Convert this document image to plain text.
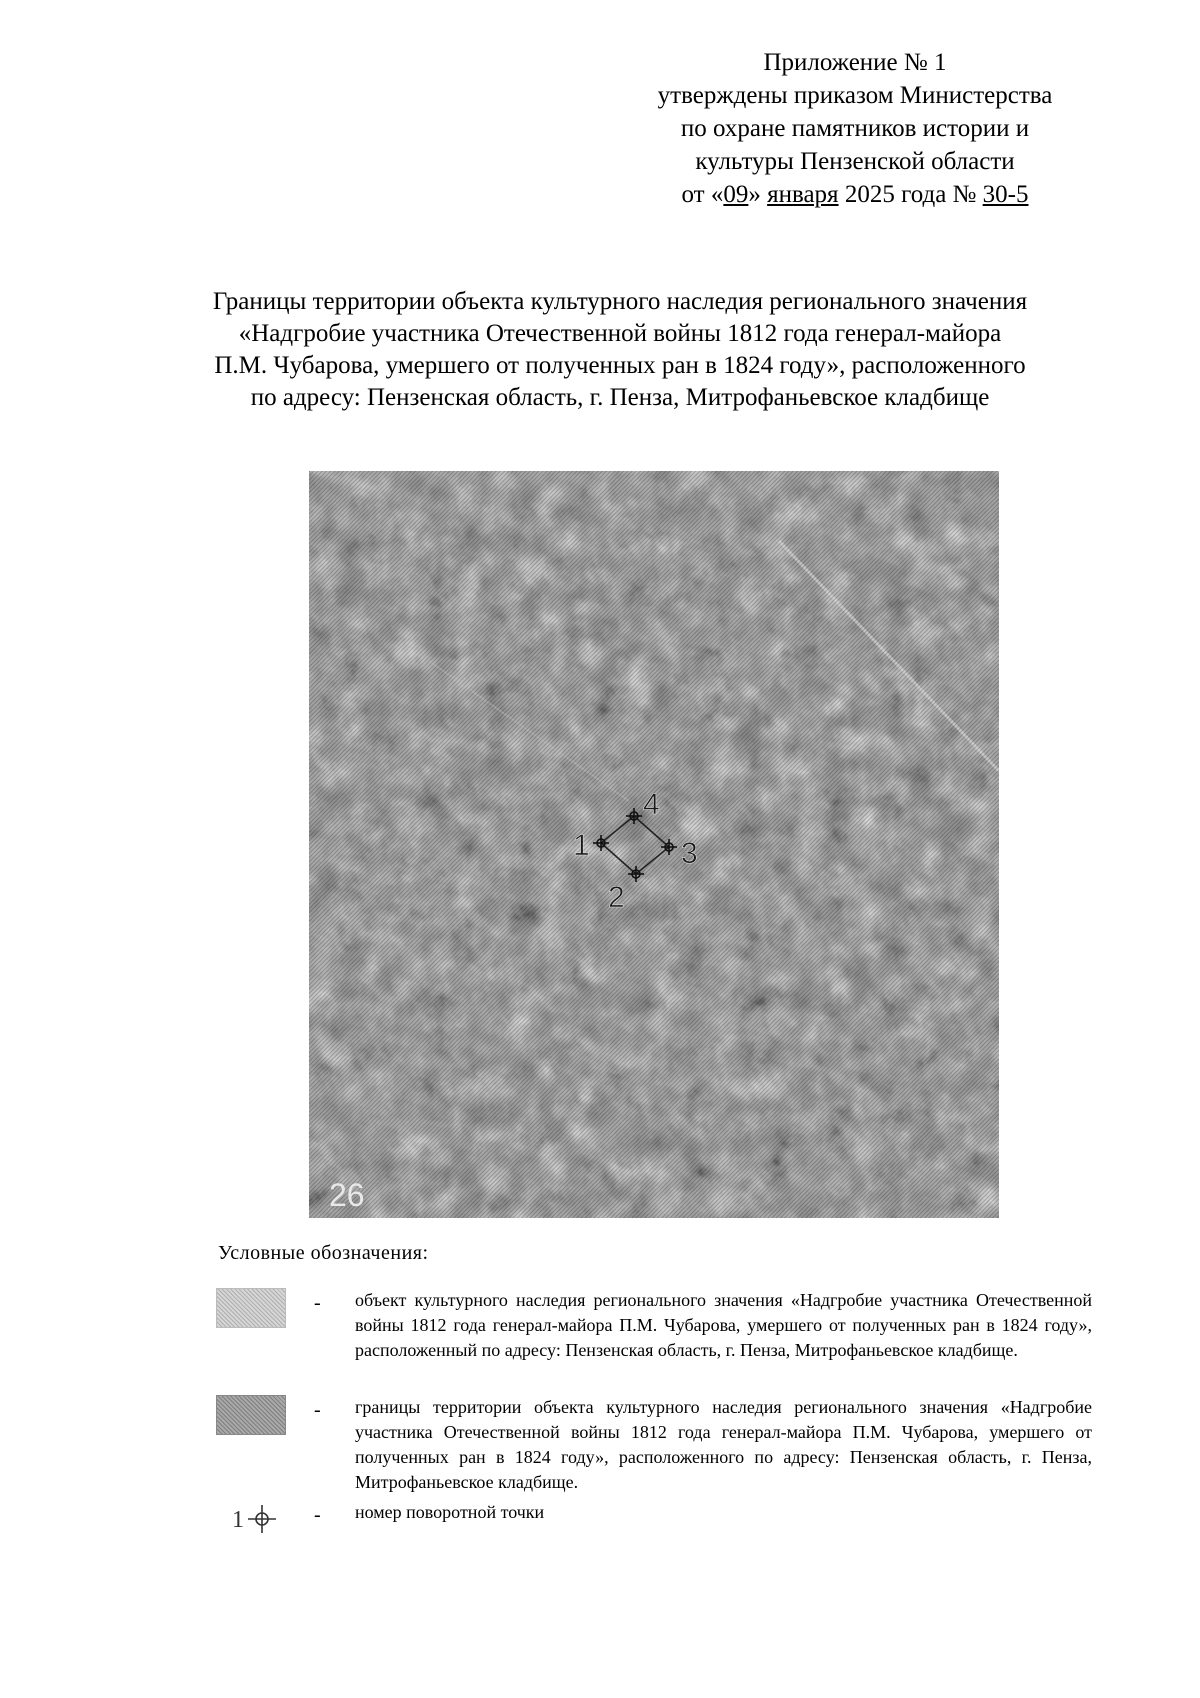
Приложение № 1
утверждены приказом Министерства
по охране памятников истории и
культуры Пензенской области
от «09» января 2025 года № 30-5
Границы территории объекта культурного наследия регионального значения
«Надгробие участника Отечественной войны 1812 года генерал-майора
П.М. Чубарова, умершего от полученных ран в 1824 году», расположенного
по адресу: Пензенская область, г. Пенза, Митрофаньевское кладбище
1
2
3
4
26
Условные обозначения:
- объект культурного наследия регионального значения «Надгробие участника Отечественной войны 1812 года генерал-майора П.М. Чубарова, умершего от полученных ран в 1824 году», расположенный по адресу: Пензенская область, г. Пенза, Митрофаньевское кладбище.
- границы территории объекта культурного наследия регионального значения «Надгробие участника Отечественной войны 1812 года генерал-майора П.М. Чубарова, умершего от полученных ран в 1824 году», расположенного по адресу: Пензенская область, г. Пенза, Митрофаньевское кладбище.
1	- номер поворотной точки
